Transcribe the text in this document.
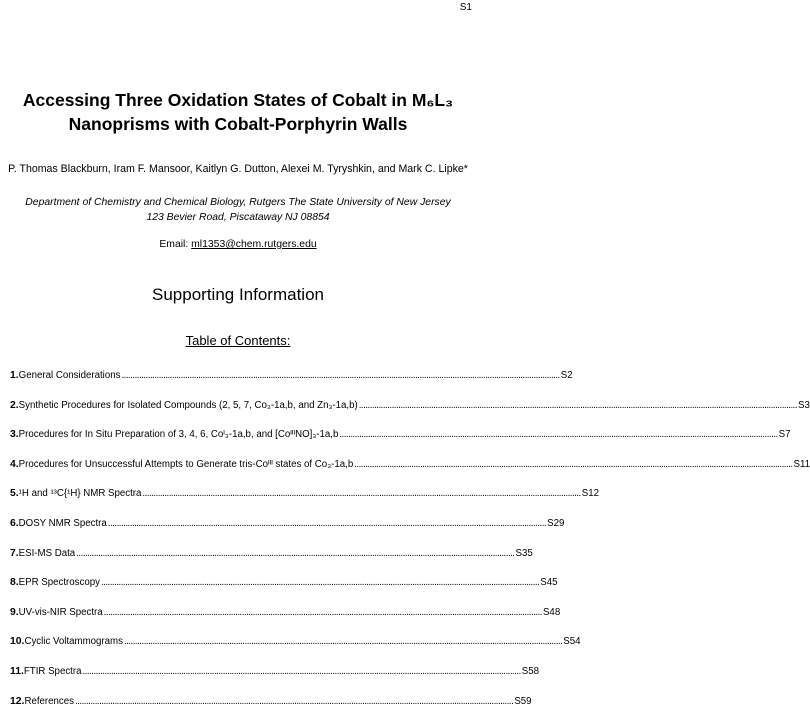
S1
Accessing Three Oxidation States of Cobalt in M₆L₃
Nanoprisms with Cobalt-Porphyrin Walls
P. Thomas Blackburn, Iram F. Mansoor, Kaitlyn G. Dutton, Alexei M. Tyryshkin, and Mark C. Lipke*
Department of Chemistry and Chemical Biology, Rutgers The State University of New Jersey
123 Bevier Road, Piscataway NJ 08854
Email: ml1353@chem.rutgers.edu
Supporting Information
Table of Contents:
1. General Considerations ........................................................................................................................................................................................................ S2
2. Synthetic Procedures for Isolated Compounds (2, 5, 7, Co₃-1a,b, and Zn₃-1a,b) ........................................................................................................................................................................................................ S3
3. Procedures for In Situ Preparation of 3, 4, 6, Coᴵ₃-1a,b, and [CoᴵᴵᴵNO]₃-1a,b ........................................................................................................................................................................................................ S7
4. Procedures for Unsuccessful Attempts to Generate tris-Coᴵᴵᴵ states of Co₃-1a,b ........................................................................................................................................................................................................ S11
5. ¹H and ¹³C{¹H} NMR Spectra ........................................................................................................................................................................................................ S12
6. DOSY NMR Spectra ........................................................................................................................................................................................................ S29
7. ESI-MS Data ........................................................................................................................................................................................................ S35
8. EPR Spectroscopy ........................................................................................................................................................................................................ S45
9. UV-vis-NIR Spectra ........................................................................................................................................................................................................ S48
10. Cyclic Voltammograms ........................................................................................................................................................................................................ S54
11. FTIR Spectra ........................................................................................................................................................................................................ S58
12. References ........................................................................................................................................................................................................ S59
